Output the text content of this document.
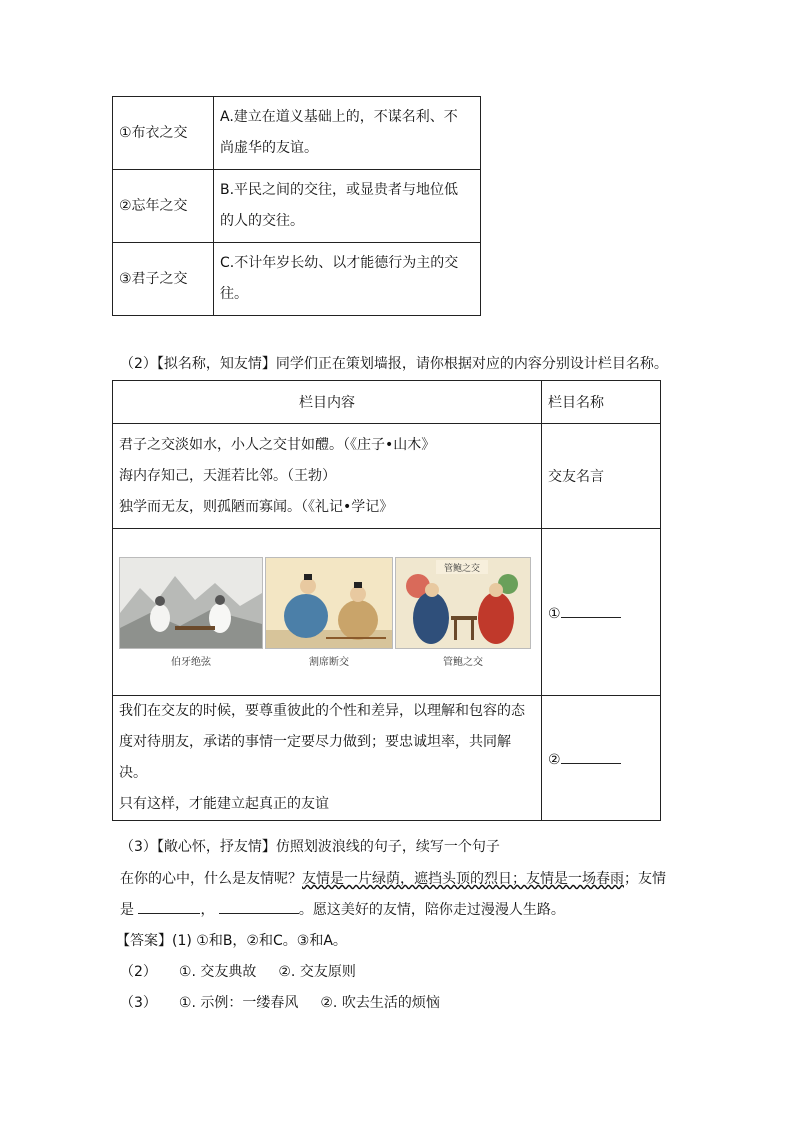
①布衣之交	A.建立在道义基础上的，不谋名利、不
尚虚华的友谊。

②忘年之交	B.平民之间的交往，或显贵者与地位低
的人的交往。

③君子之交	C.不计年岁长幼、以才能德行为主的交
往。
（2）【拟名称，知友情】同学们正在策划墙报，请你根据对应的内容分别设计栏目名称。
栏目内容	栏目名称

君子之交淡如水，小人之交甘如醴。（《庄子•山木》
海内存知己，天涯若比邻。（王勃）
独学而无友，则孤陋而寡闻。（《礼记•学记》	交友名言

伯牙绝弦 割席断交
管鲍之交
管鲍之交	①

我们在交友的时候，要尊重彼此的个性和差异，以理解和包容的态
度对待朋友，承诺的事情一定要尽力做到；要忠诚坦率，共同解决。
只有这样，才能建立起真正的友谊	②
（3）【敞心怀，抒友情】仿照划波浪线的句子，续写一个句子
在你的心中，什么是友情呢？友情是一片绿荫，遮挡头顶的烈日；友情是一场春雨；友情
是	，	。愿这美好的友情，陪你走过漫漫人生路。
【答案】(1) ①和B，②和C。③和A。
（2） ①. 交友典故 ②. 交友原则
（3） ①. 示例：一缕春风 ②. 吹去生活的烦恼
